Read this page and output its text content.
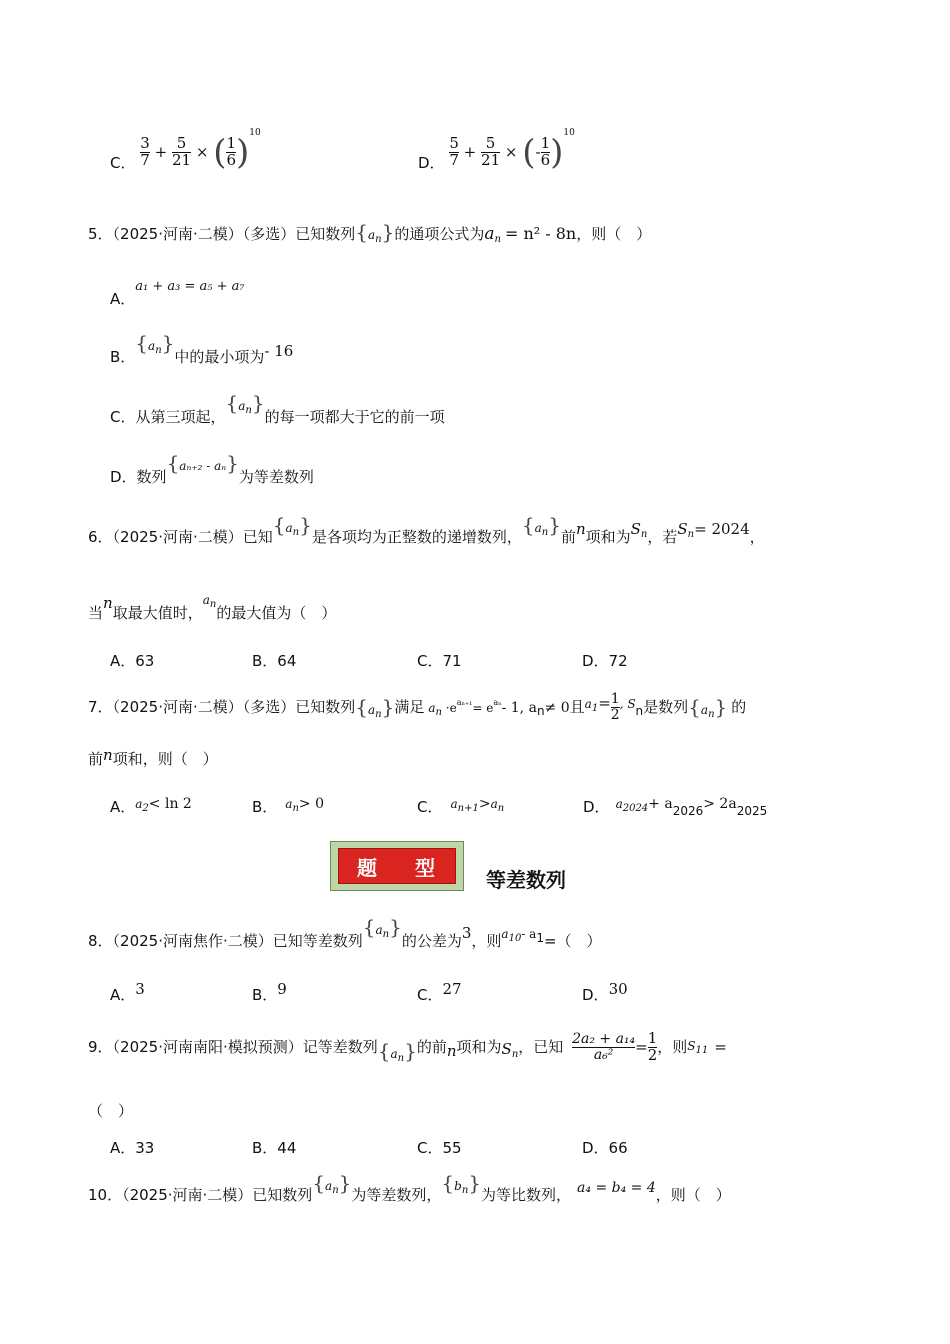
C． $\frac{3}{7} + \frac{5}{21}$ × ( $\frac{1}{6} )^{10}$
D． $\frac{5}{7} + \frac{5}{21}$ × (- $\frac{1}{6} )^{10}$
5．（2025·河南·二模）（多选）已知数列$\{a_n\}$的通项公式为$a_n = n^2 - 8n$，则（　）
A．a₁ + a₃ = a₅ + a₇
B．{$^{a_n}$}中的最小项为- 16
C．从第三项起，{$^{a_n}$}的每一项都大于它的前一项
D．数列{$^{a_{n+2} - a_n}$}为等差数列
6．（2025·河南·二模）已知{$^{a_n}$}是各项均为正整数的递增数列，{$^{a_n}$}前n项和为$S_n$，若$S_n= 2024$，
当n取最大值时，$^{a_n}$的最大值为（　）
A．63	B．64	C．71	D．72
7．（2025·河南·二模）（多选）已知数列$\{a_n\}$满足 $a_n \cdot e^{a_{n+1}}= e^{a_n}-$ 1, $a_n\ne 0$且$^{a_1}= \frac{1}{2} ^{, S}_n$是数列$\{a_n\}$ 的
前n项和，则（　）
A．$^{a_2}$< ln 2	B． $^{a_n}$> 0	C． $^{a_{n+1}}$>$^{a_n}$	D． $^{a_{2024}}+ a_{2026}> 2a_{2025}$
题 型
等差数列
8．（2025·河南焦作·二模）已知等差数列{$^{a_n}$}的公差为3，则$^{a_{10}- a1}$=（　）
A．3	B．9	C．27	D．30
9．（2025·河南南阳·模拟预测）记等差数列$\{_{a_n}\}$的前n项和为$S_n$，已知 $\frac{\text{2a₂ + a₁₄}}{\text{a₆²}} = \frac{1}{2}$ ，则$S_{11}$ =
（　）
A．33	B．44	C．55	D．66
10．（2025·河南·二模）已知数列{$^{a_n}$}为等差数列，{$^{b_n}$}为等比数列， a₄ = b₄ = 4，则（　）
